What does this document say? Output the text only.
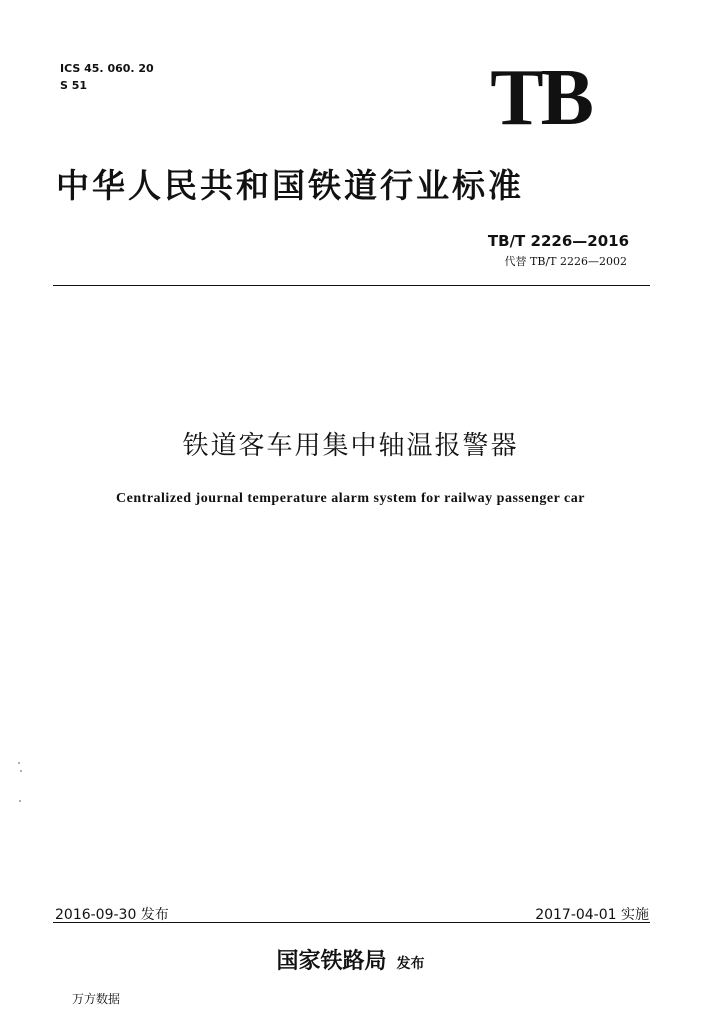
ICS 45. 060. 20
S 51	TB
中华人民共和国铁道行业标准
TB/T 2226—2016
代替 TB/T 2226—2002
铁道客车用集中轴温报警器
Centralized journal temperature alarm system for railway passenger car
2016-09-30 发布	2017-04-01 实施
国家铁路局 发布
万方数据
